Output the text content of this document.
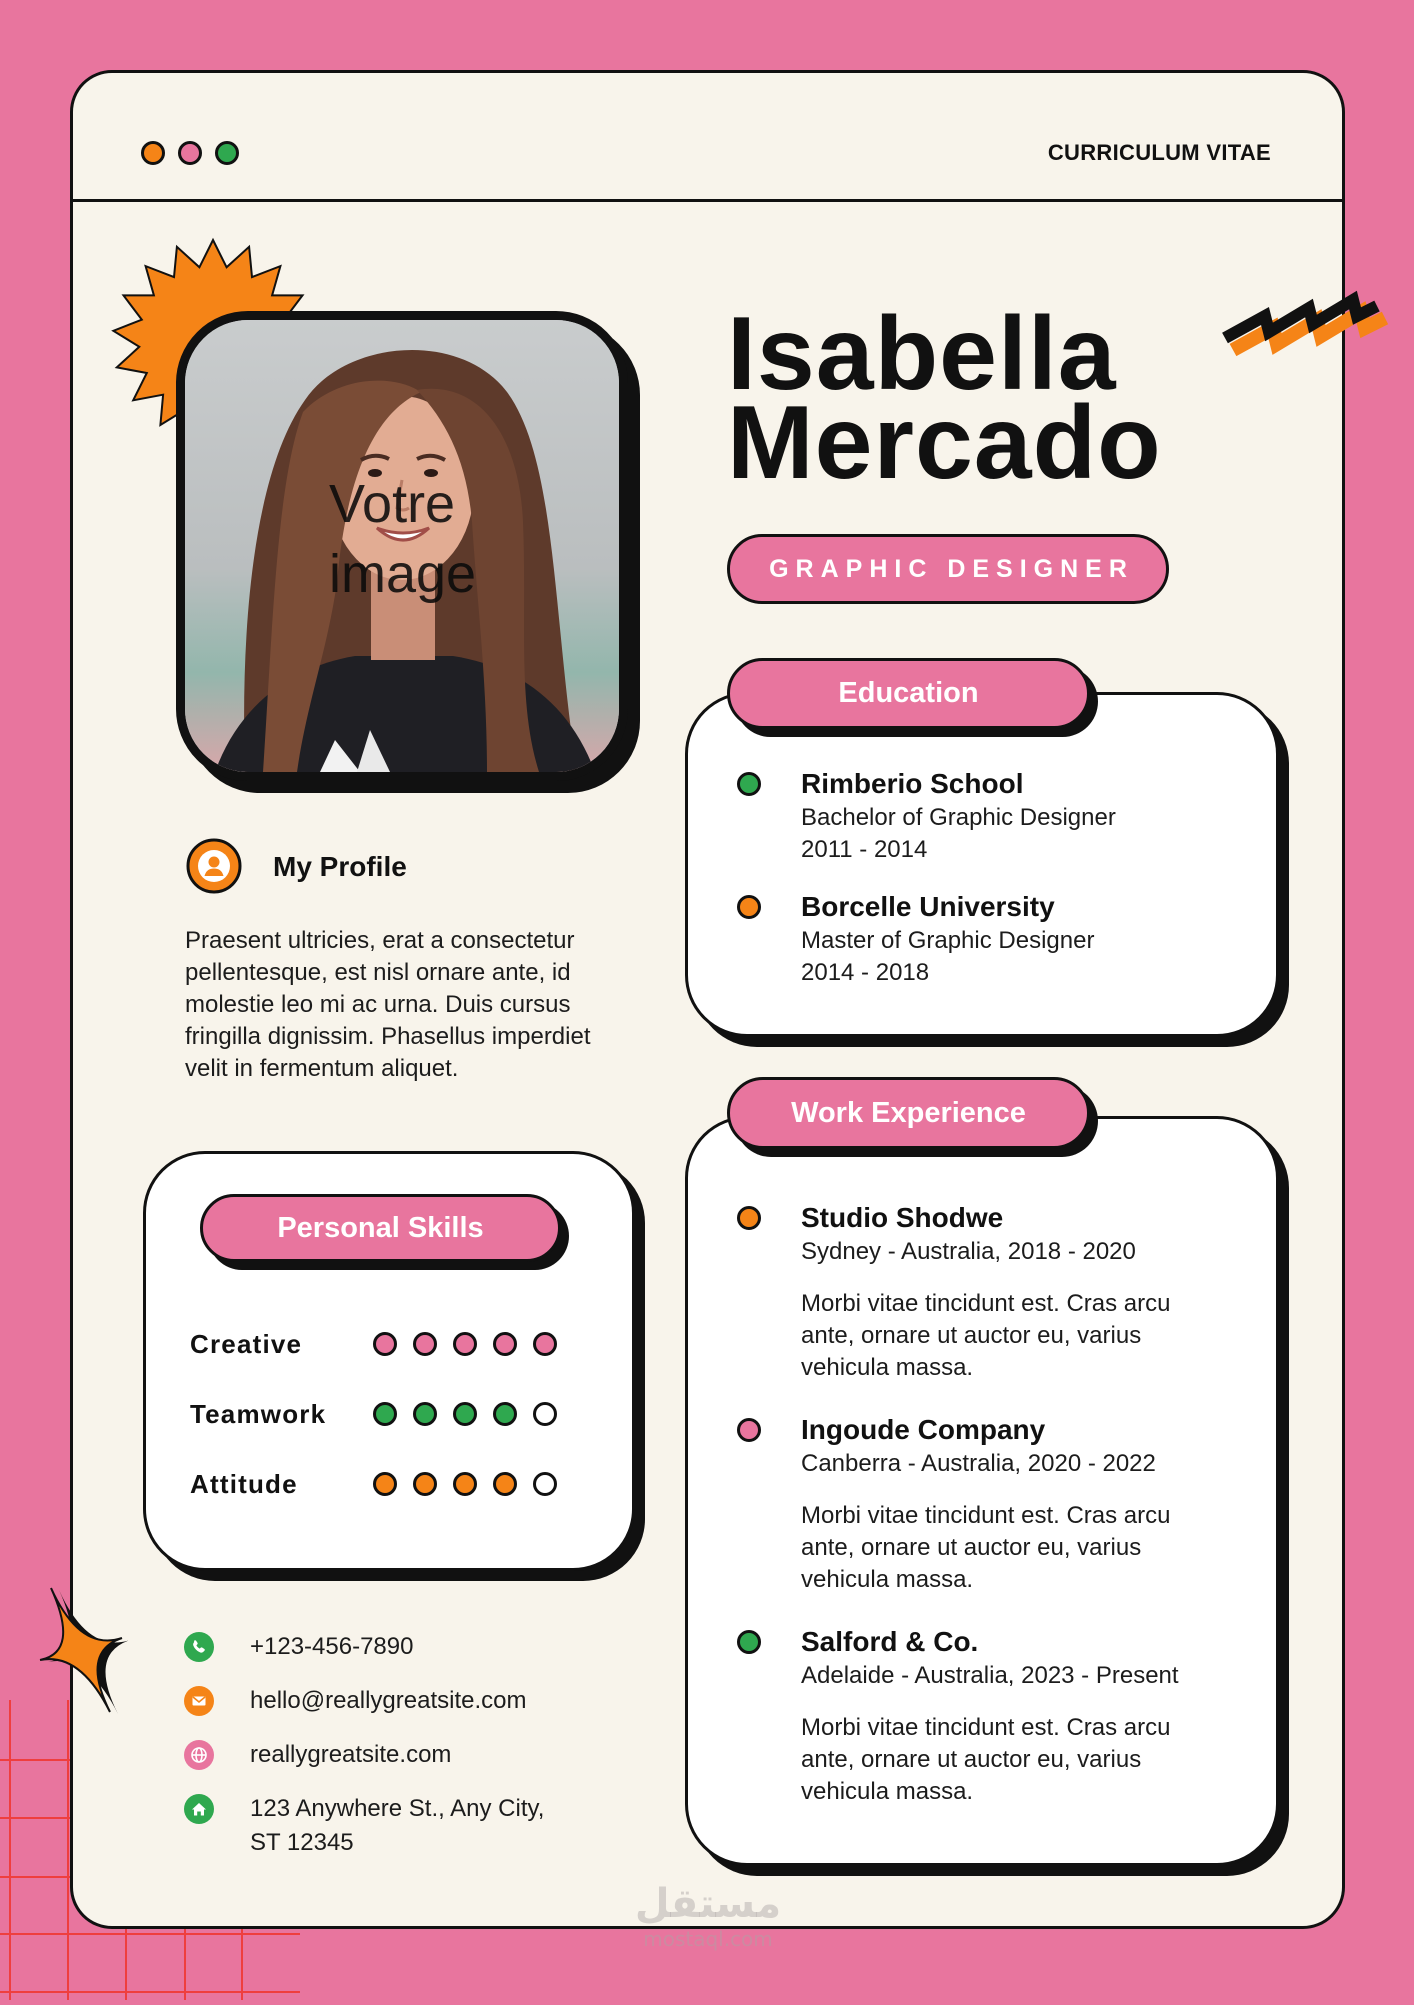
CURRICULUM VITAE
Votre image
Isabella
Mercado
GRAPHIC DESIGNER
Education
Rimberio School
Bachelor of Graphic Designer
2011 - 2014
Borcelle University
Master of Graphic Designer
2014 - 2018
Work Experience
Studio Shodwe
Sydney - Australia, 2018 - 2020
Morbi vitae tincidunt est. Cras arcu
ante, ornare ut auctor eu, varius
vehicula massa.
Ingoude Company
Canberra - Australia, 2020 - 2022
Morbi vitae tincidunt est. Cras arcu
ante, ornare ut auctor eu, varius
vehicula massa.
Salford & Co.
Adelaide - Australia, 2023 - Present
Morbi vitae tincidunt est. Cras arcu
ante, ornare ut auctor eu, varius
vehicula massa.
My Profile
Praesent ultricies, erat a consectetur
pellentesque, est nisl ornare ante, id
molestie leo mi ac urna. Duis cursus
fringilla dignissim. Phasellus imperdiet
velit in fermentum aliquet.
Personal Skills
Creative
Teamwork
Attitude
+123-456-7890
hello@reallygreatsite.com
reallygreatsite.com
123 Anywhere St., Any City,
ST 12345
مستقل
mostaql.com
